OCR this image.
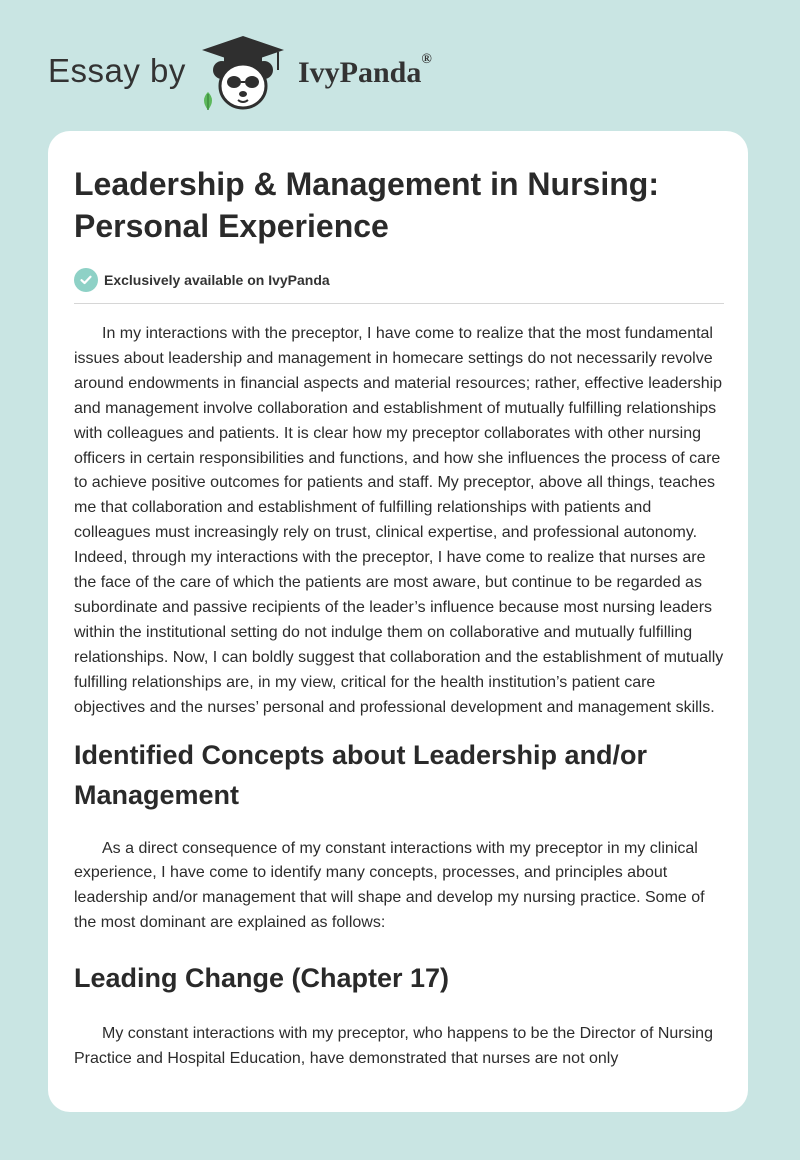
Essay by	IvyPanda®
Leadership & Management in Nursing: Personal Experience
Exclusively available on IvyPanda

In my interactions with the preceptor, I have come to realize that the most fundamental issues about leadership and management in homecare settings do not necessarily revolve around endowments in financial aspects and material resources; rather, effective leadership and management involve collaboration and establishment of mutually fulfilling relationships with colleagues and patients. It is clear how my preceptor collaborates with other nursing officers in certain responsibilities and functions, and how she influences the process of care to achieve positive outcomes for patients and staff. My preceptor, above all things, teaches me that collaboration and establishment of fulfilling relationships with patients and colleagues must increasingly rely on trust, clinical expertise, and professional autonomy. Indeed, through my interactions with the preceptor, I have come to realize that nurses are the face of the care of which the patients are most aware, but continue to be regarded as subordinate and passive recipients of the leader’s influence because most nursing leaders within the institutional setting do not indulge them on collaborative and mutually fulfilling relationships. Now, I can boldly suggest that collaboration and the establishment of mutually fulfilling relationships are, in my view, critical for the health institution’s patient care objectives and the nurses’ personal and professional development and management skills.

Identified Concepts about Leadership and/or Management

As a direct consequence of my constant interactions with my preceptor in my clinical experience, I have come to identify many concepts, processes, and principles about leadership and/or management that will shape and develop my nursing practice. Some of the most dominant are explained as follows:

Leading Change (Chapter 17)

My constant interactions with my preceptor, who happens to be the Director of Nursing Practice and Hospital Education, have demonstrated that nurses are not only
